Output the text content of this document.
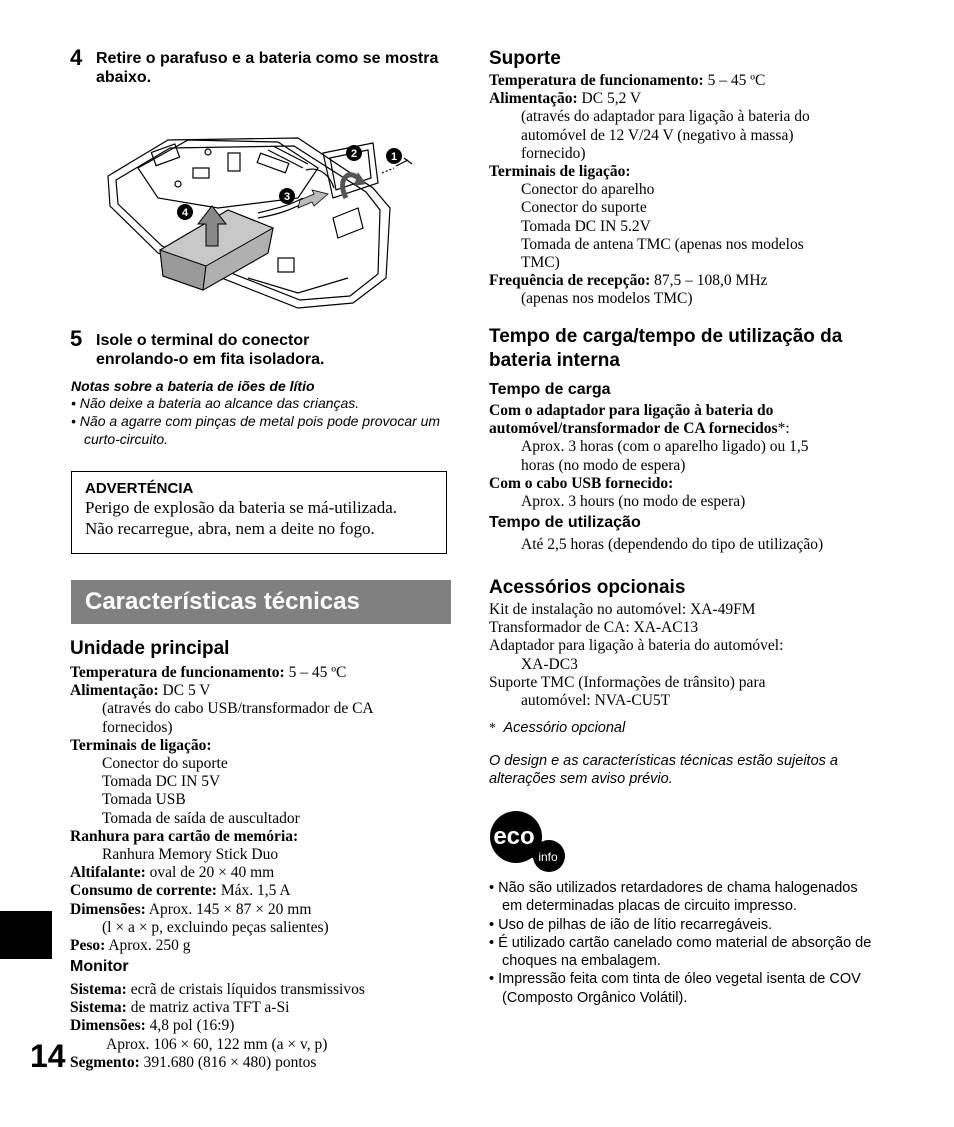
4 Retire o parafuso e a bateria como se mostra abaixo.
1
2
3
4
5 Isole o terminal do conector enrolando-o em fita isoladora.
Notas sobre a bateria de iões de lítio
• Não deixe a bateria ao alcance das crianças.
• Não a agarre com pinças de metal pois pode provocar um curto-circuito.
ADVERTÉNCIA
Perigo de explosão da bateria se má-utilizada.
Não recarregue, abra, nem a deite no fogo.
Características técnicas
Unidade principal
Temperatura de funcionamento: 5 – 45 ºC
Alimentação: DC 5 V
(através do cabo USB/transformador de CA
fornecidos)
Terminais de ligação:
Conector do suporte
Tomada DC IN 5V
Tomada USB
Tomada de saída de auscultador
Ranhura para cartão de memória:
Ranhura Memory Stick Duo
Altifalante: oval de 20 × 40 mm
Consumo de corrente: Máx. 1,5 A
Dimensões: Aprox. 145 × 87 × 20 mm
(l × a × p, excluindo peças salientes)
Peso: Aprox. 250 g
Monitor
Sistema: ecrã de cristais líquidos transmissivos
Sistema: de matriz activa TFT a-Si
Dimensões: 4,8 pol (16:9)
Aprox. 106 × 60, 122 mm (a × v, p)
Segmento: 391.680 (816 × 480) pontos
14
Suporte
Temperatura de funcionamento: 5 – 45 ºC
Alimentação: DC 5,2 V
(através do adaptador para ligação à bateria do
automóvel de 12 V/24 V (negativo à massa)
fornecido)
Terminais de ligação:
Conector do aparelho
Conector do suporte
Tomada DC IN 5.2V
Tomada de antena TMC (apenas nos modelos
TMC)
Frequência de recepção: 87,5 – 108,0 MHz
(apenas nos modelos TMC)
Tempo de carga/tempo de utilização da
bateria interna
Tempo de carga
Com o adaptador para ligação à bateria do
automóvel/transformador de CA fornecidos*:
Aprox. 3 horas (com o aparelho ligado) ou 1,5
horas (no modo de espera)
Com o cabo USB fornecido:
Aprox. 3 hours (no modo de espera)
Tempo de utilização
Até 2,5 horas (dependendo do tipo de utilização)
Acessórios opcionais
Kit de instalação no automóvel: XA-49FM
Transformador de CA: XA-AC13
Adaptador para ligação à bateria do automóvel:
XA-DC3
Suporte TMC (Informações de trânsito) para
automóvel: NVA-CU5T
* Acessório opcional
O design e as características técnicas estão sujeitos a alterações sem aviso prévio.
eco
info
• Não são utilizados retardadores de chama halogenados em determinadas placas de circuito impresso.
• Uso de pilhas de ião de lítio recarregáveis.
• É utilizado cartão canelado como material de absorção de choques na embalagem.
• Impressão feita com tinta de óleo vegetal isenta de COV (Composto Orgânico Volátil).
